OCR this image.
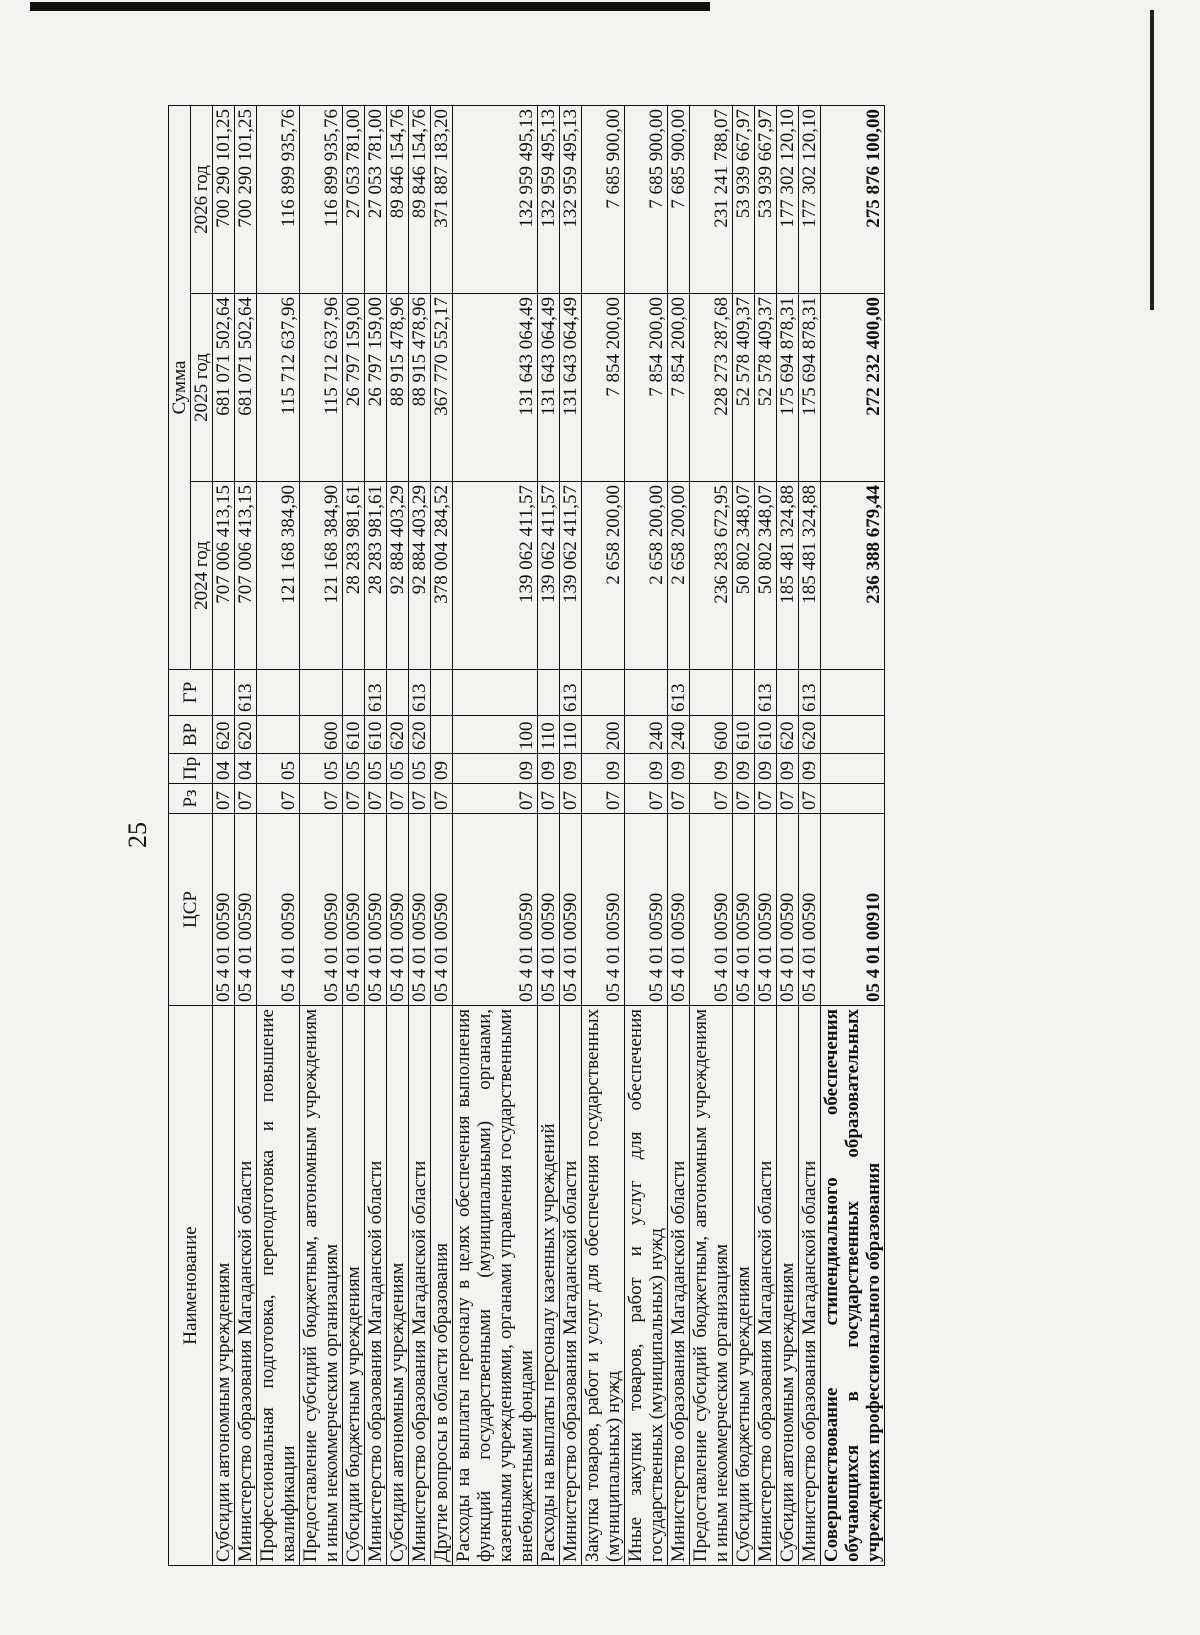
25
Наименование	ЦСР	Рз	Пр	ВР	ГР	Сумма		
						2024 год	2025 год	2026 год
Субсидии автономным учреждениям	05 4 01 00590	07	04	620		707 006 413,15	681 071 502,64	700 290 101,25
Министерство образования Магаданской области	05 4 01 00590	07	04	620	613	707 006 413,15	681 071 502,64	700 290 101,25
Профессиональная подготовка, переподготовка и повышение квалификации	05 4 01 00590	07	05			121 168 384,90	115 712 637,96	116 899 935,76
Предоставление субсидий бюджетным, автономным учреждениям и иным некоммерческим организациям	05 4 01 00590	07	05	600		121 168 384,90	115 712 637,96	116 899 935,76
Субсидии бюджетным учреждениям	05 4 01 00590	07	05	610		28 283 981,61	26 797 159,00	27 053 781,00
Министерство образования Магаданской области	05 4 01 00590	07	05	610	613	28 283 981,61	26 797 159,00	27 053 781,00
Субсидии автономным учреждениям	05 4 01 00590	07	05	620		92 884 403,29	88 915 478,96	89 846 154,76
Министерство образования Магаданской области	05 4 01 00590	07	05	620	613	92 884 403,29	88 915 478,96	89 846 154,76
Другие вопросы в области образования	05 4 01 00590	07	09			378 004 284,52	367 770 552,17	371 887 183,20
Расходы на выплаты персоналу в целях обеспечения выполнения функций государственными (муниципальными) органами, казенными учреждениями, органами управления государственными внебюджетными фондами	05 4 01 00590	07	09	100		139 062 411,57	131 643 064,49	132 959 495,13
Расходы на выплаты персоналу казенных учреждений	05 4 01 00590	07	09	110		139 062 411,57	131 643 064,49	132 959 495,13
Министерство образования Магаданской области	05 4 01 00590	07	09	110	613	139 062 411,57	131 643 064,49	132 959 495,13
Закупка товаров, работ и услуг для обеспечения государственных (муниципальных) нужд	05 4 01 00590	07	09	200		2 658 200,00	7 854 200,00	7 685 900,00
Иные закупки товаров, работ и услуг для обеспечения государственных (муниципальных) нужд	05 4 01 00590	07	09	240		2 658 200,00	7 854 200,00	7 685 900,00
Министерство образования Магаданской области	05 4 01 00590	07	09	240	613	2 658 200,00	7 854 200,00	7 685 900,00
Предоставление субсидий бюджетным, автономным учреждениям и иным некоммерческим организациям	05 4 01 00590	07	09	600		236 283 672,95	228 273 287,68	231 241 788,07
Субсидии бюджетным учреждениям	05 4 01 00590	07	09	610		50 802 348,07	52 578 409,37	53 939 667,97
Министерство образования Магаданской области	05 4 01 00590	07	09	610	613	50 802 348,07	52 578 409,37	53 939 667,97
Субсидии автономным учреждениям	05 4 01 00590	07	09	620		185 481 324,88	175 694 878,31	177 302 120,10
Министерство образования Магаданской области	05 4 01 00590	07	09	620	613	185 481 324,88	175 694 878,31	177 302 120,10
Совершенствование стипендиального обеспечения обучающихся в государственных образовательных учреждениях профессионального образования	05 4 01 00910					236 388 679,44	272 232 400,00	275 876 100,00
